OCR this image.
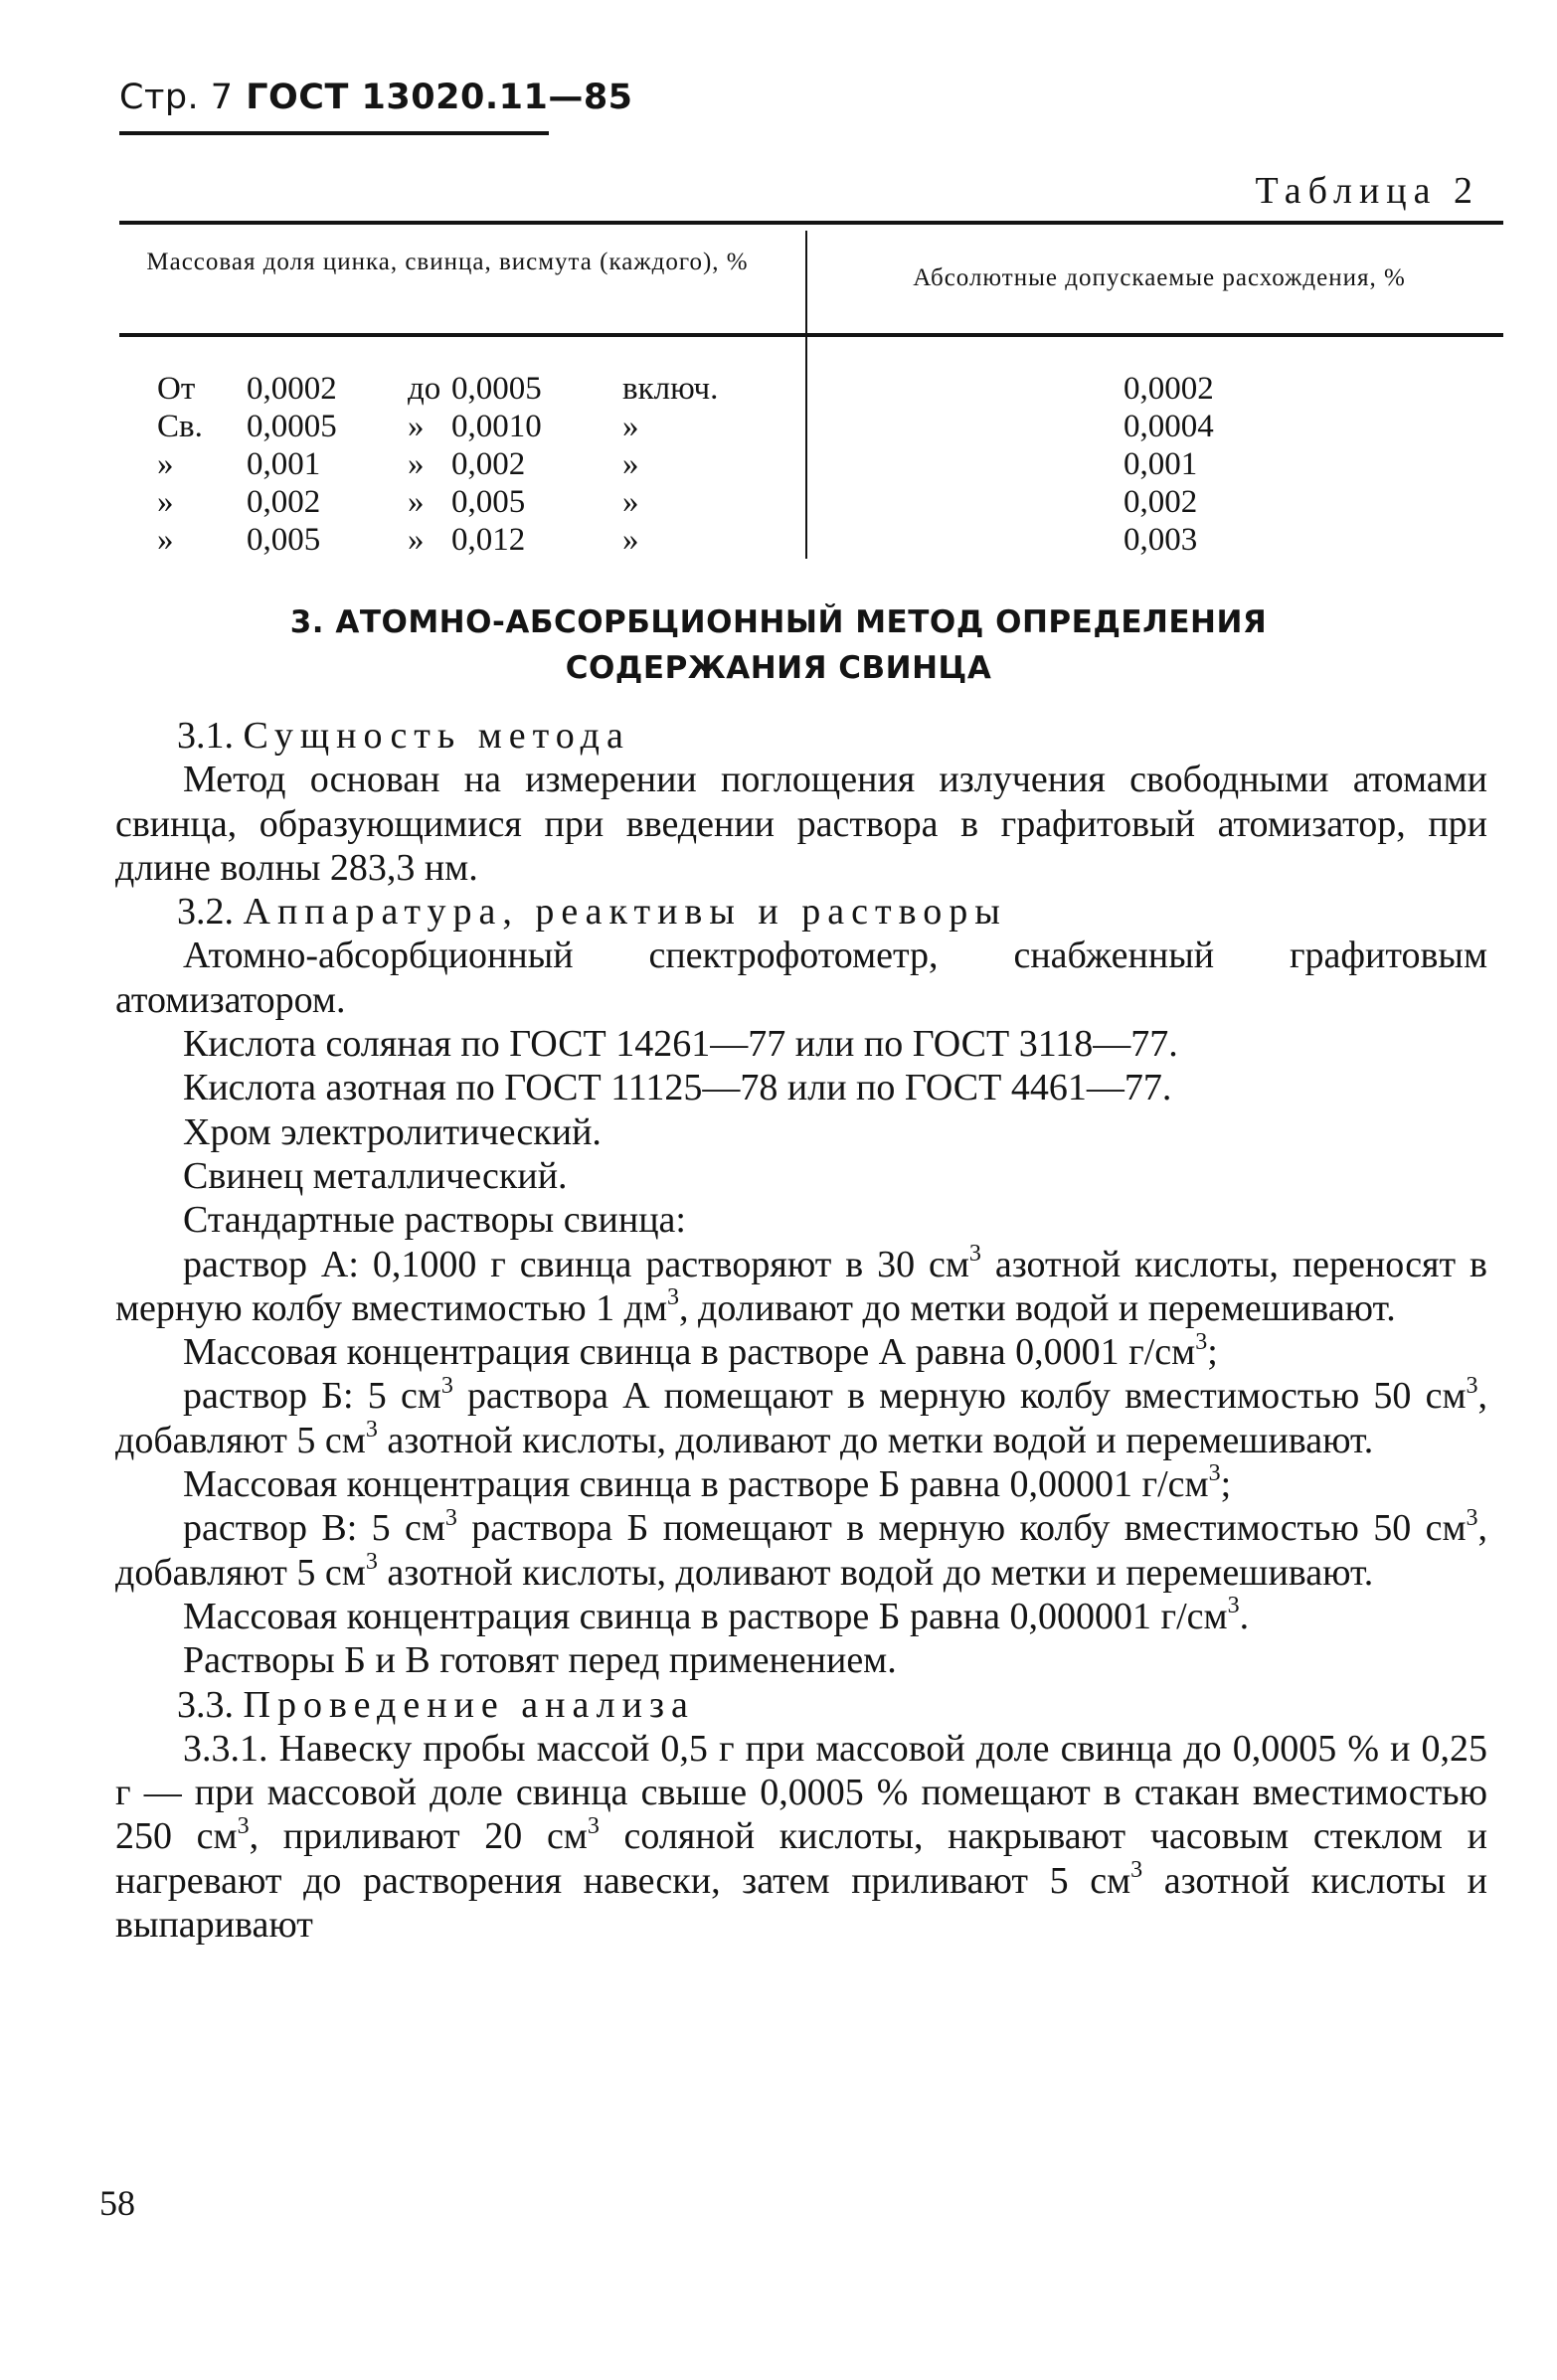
Стр. 7 ГОСТ 13020.11—85
Таблица 2
Массовая доля цинка, свинца, висмута (каждого), %
Абсолютные допускаемые расхождения, %
От 0,0002 до 0,0005 включ.	0,0002
Св. 0,0005 » 0,0010 »	0,0004
» 0,001	» 0,002	»	0,001
» 0,002	» 0,005	»	0,002
» 0,005	» 0,012	»	0,003
3. АТОМНО-АБСОРБЦИОННЫЙ МЕТОД ОПРЕДЕЛЕНИЯ
СОДЕРЖАНИЯ СВИНЦА

3.1. Сущность метода

Метод основан на измерении поглощения излучения свободными атомами свинца, образующимися при введении раствора в графитовый атомизатор, при длине волны 283,3 нм.

3.2. Аппаратура, реактивы и растворы

Атомно-абсорбционный спектрофотометр, снабженный графитовым атомизатором.

Кислота соляная по ГОСТ 14261—77 или по ГОСТ 3118—77.

Кислота азотная по ГОСТ 11125—78 или по ГОСТ 4461—77.

Хром электролитический.

Свинец металлический.

Стандартные растворы свинца:

раствор А: 0,1000 г свинца растворяют в 30 $см^3$ азотной кислоты, переносят в мерную колбу вместимостью 1 $дм^3$, доливают до метки водой и перемешивают.

Массовая концентрация свинца в растворе А равна 0,0001 $г/см^3$;

раствор Б: 5 $см^3$ раствора А помещают в мерную колбу вместимостью 50 $см^3$, добавляют 5 $см^3$ азотной кислоты, доливают до метки водой и перемешивают.

Массовая концентрация свинца в растворе Б равна 0,00001 $г/см^3$;

раствор В: 5 $см^3$ раствора Б помещают в мерную колбу вместимостью 50 $см^3$, добавляют 5 $см^3$ азотной кислоты, доливают водой до метки и перемешивают.

Массовая концентрация свинца в растворе Б равна 0,000001 $г/см^3$.

Растворы Б и В готовят перед применением.

3.3. Проведение анализа

3.3.1. Навеску пробы массой 0,5 г при массовой доле свинца до 0,0005 % и 0,25 г — при массовой доле свинца свыше 0,0005 % помещают в стакан вместимостью 250 $см^3$, приливают 20 $см^3$ соляной кислоты, накрывают часовым стеклом и нагревают до растворения навески, затем приливают 5 $см^3$ азотной кислоты и выпаривают

58
